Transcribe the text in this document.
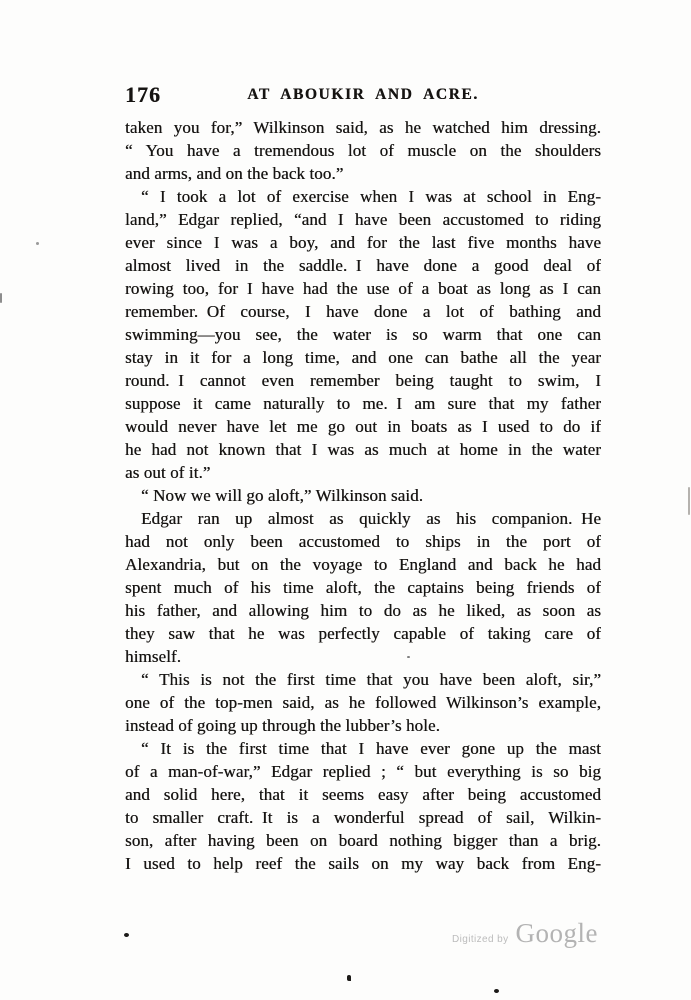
176	AT ABOUKIR AND ACRE.
taken you for,” Wilkinson said, as he watched him dressing.
“ You have a tremendous lot of muscle on the shoulders
and arms, and on the back too.”
“ I took a lot of exercise when I was at school in Eng-
land,” Edgar replied, “and I have been accustomed to riding
ever since I was a boy, and for the last five months have
almost lived in the saddle. I have done a good deal of
rowing too, for I have had the use of a boat as long as I can
remember. Of course, I have done a lot of bathing and
swimming—you see, the water is so warm that one can
stay in it for a long time, and one can bathe all the year
round. I cannot even remember being taught to swim, I
suppose it came naturally to me. I am sure that my father
would never have let me go out in boats as I used to do if
he had not known that I was as much at home in the water
as out of it.”
“ Now we will go aloft,” Wilkinson said.
Edgar ran up almost as quickly as his companion. He
had not only been accustomed to ships in the port of
Alexandria, but on the voyage to England and back he had
spent much of his time aloft, the captains being friends of
his father, and allowing him to do as he liked, as soon as
they saw that he was perfectly capable of taking care of
himself.
“ This is not the first time that you have been aloft, sir,”
one of the top-men said, as he followed Wilkinson’s example,
instead of going up through the lubber’s hole.
“ It is the first time that I have ever gone up the mast
of a man-of-war,” Edgar replied ; “ but everything is so big
and solid here, that it seems easy after being accustomed
to smaller craft. It is a wonderful spread of sail, Wilkin-
son, after having been on board nothing bigger than a brig.
I used to help reef the sails on my way back from Eng-
Digitized by Google
